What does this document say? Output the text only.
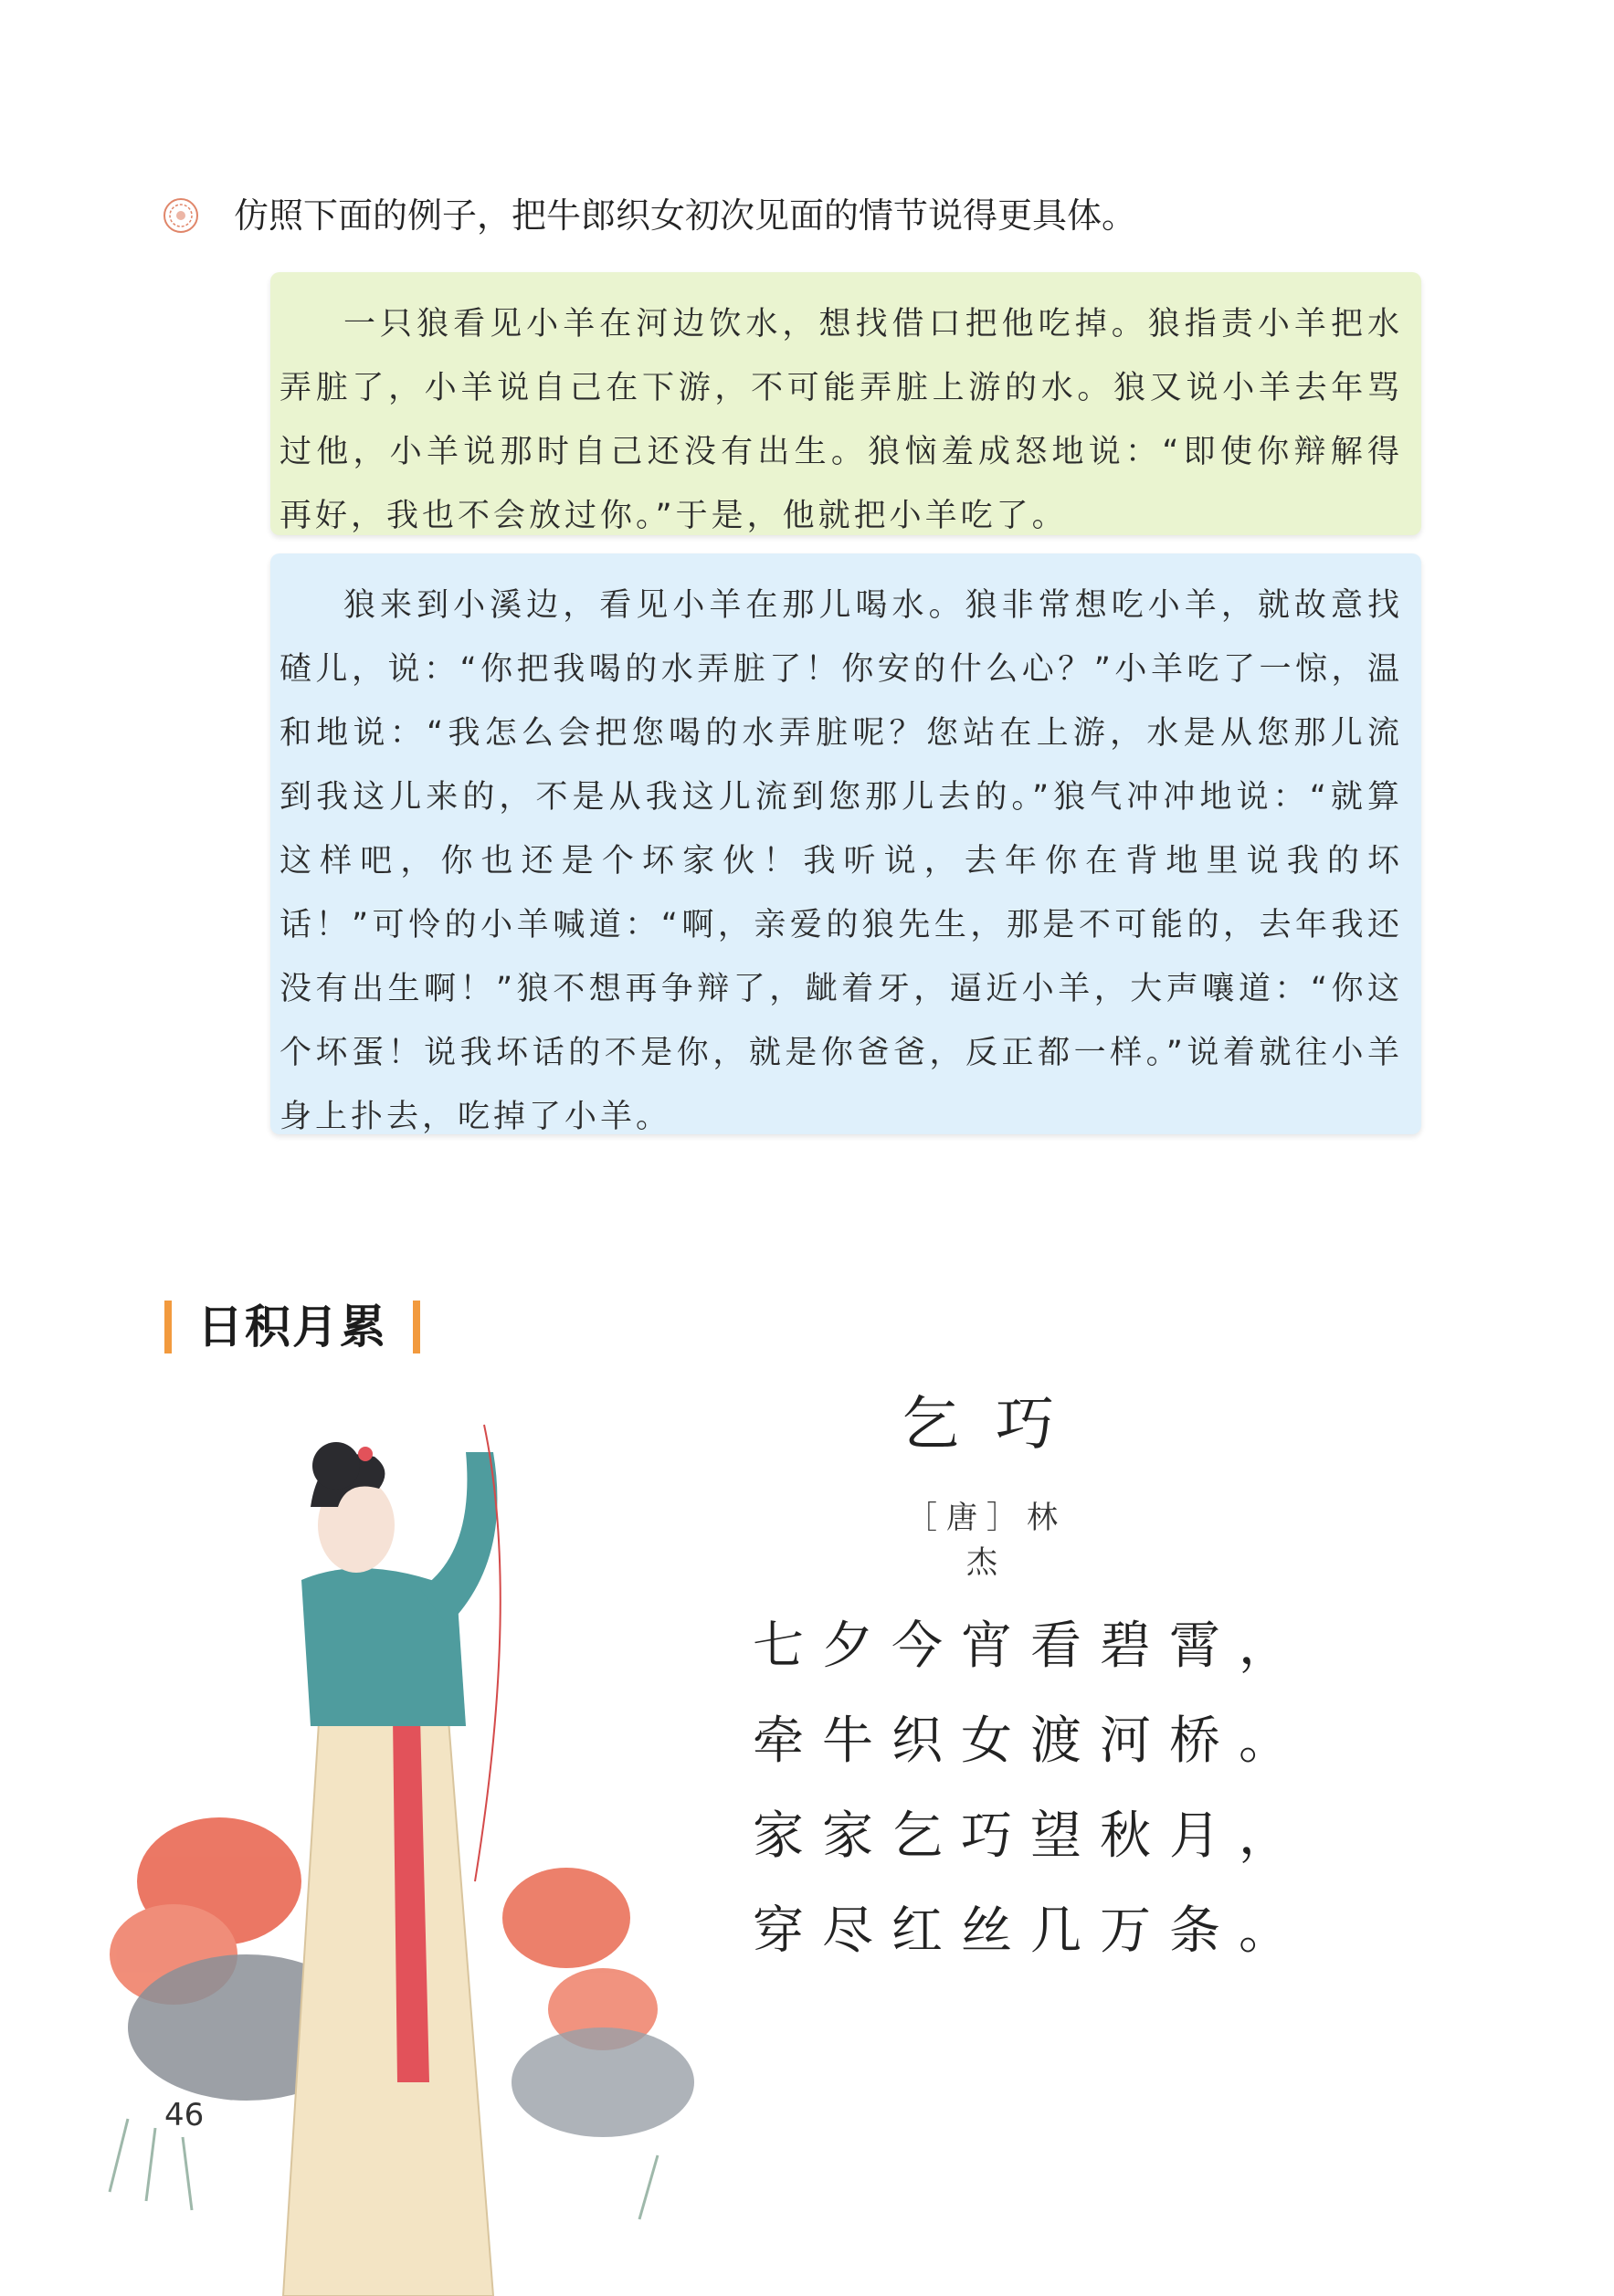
仿照下面的例子，把牛郎织女初次见面的情节说得更具体。

一只狼看见小羊在河边饮水，想找借口把他吃掉。狼指责小羊把水弄脏了，小羊说自己在下游，不可能弄脏上游的水。狼又说小羊去年骂过他，小羊说那时自己还没有出生。狼恼羞成怒地说：“即使你辩解得再好，我也不会放过你。”于是，他就把小羊吃了。

狼来到小溪边，看见小羊在那儿喝水。狼非常想吃小羊，就故意找碴儿，说：“你把我喝的水弄脏了！你安的什么心？”小羊吃了一惊，温和地说：“我怎么会把您喝的水弄脏呢？您站在上游，水是从您那儿流到我这儿来的，不是从我这儿流到您那儿去的。”狼气冲冲地说：“就算这样吧，你也还是个坏家伙！我听说，去年你在背地里说我的坏话！”可怜的小羊喊道：“啊，亲爱的狼先生，那是不可能的，去年我还没有出生啊！”狼不想再争辩了，龇着牙，逼近小羊，大声嚷道：“你这个坏蛋！说我坏话的不是你，就是你爸爸，反正都一样。”说着就往小羊身上扑去，吃掉了小羊。

日积月累
乞巧
［唐］林 杰
七夕今宵看碧霄，
牵牛织女渡河桥。
家家乞巧望秋月，
穿尽红丝几万条。
46
